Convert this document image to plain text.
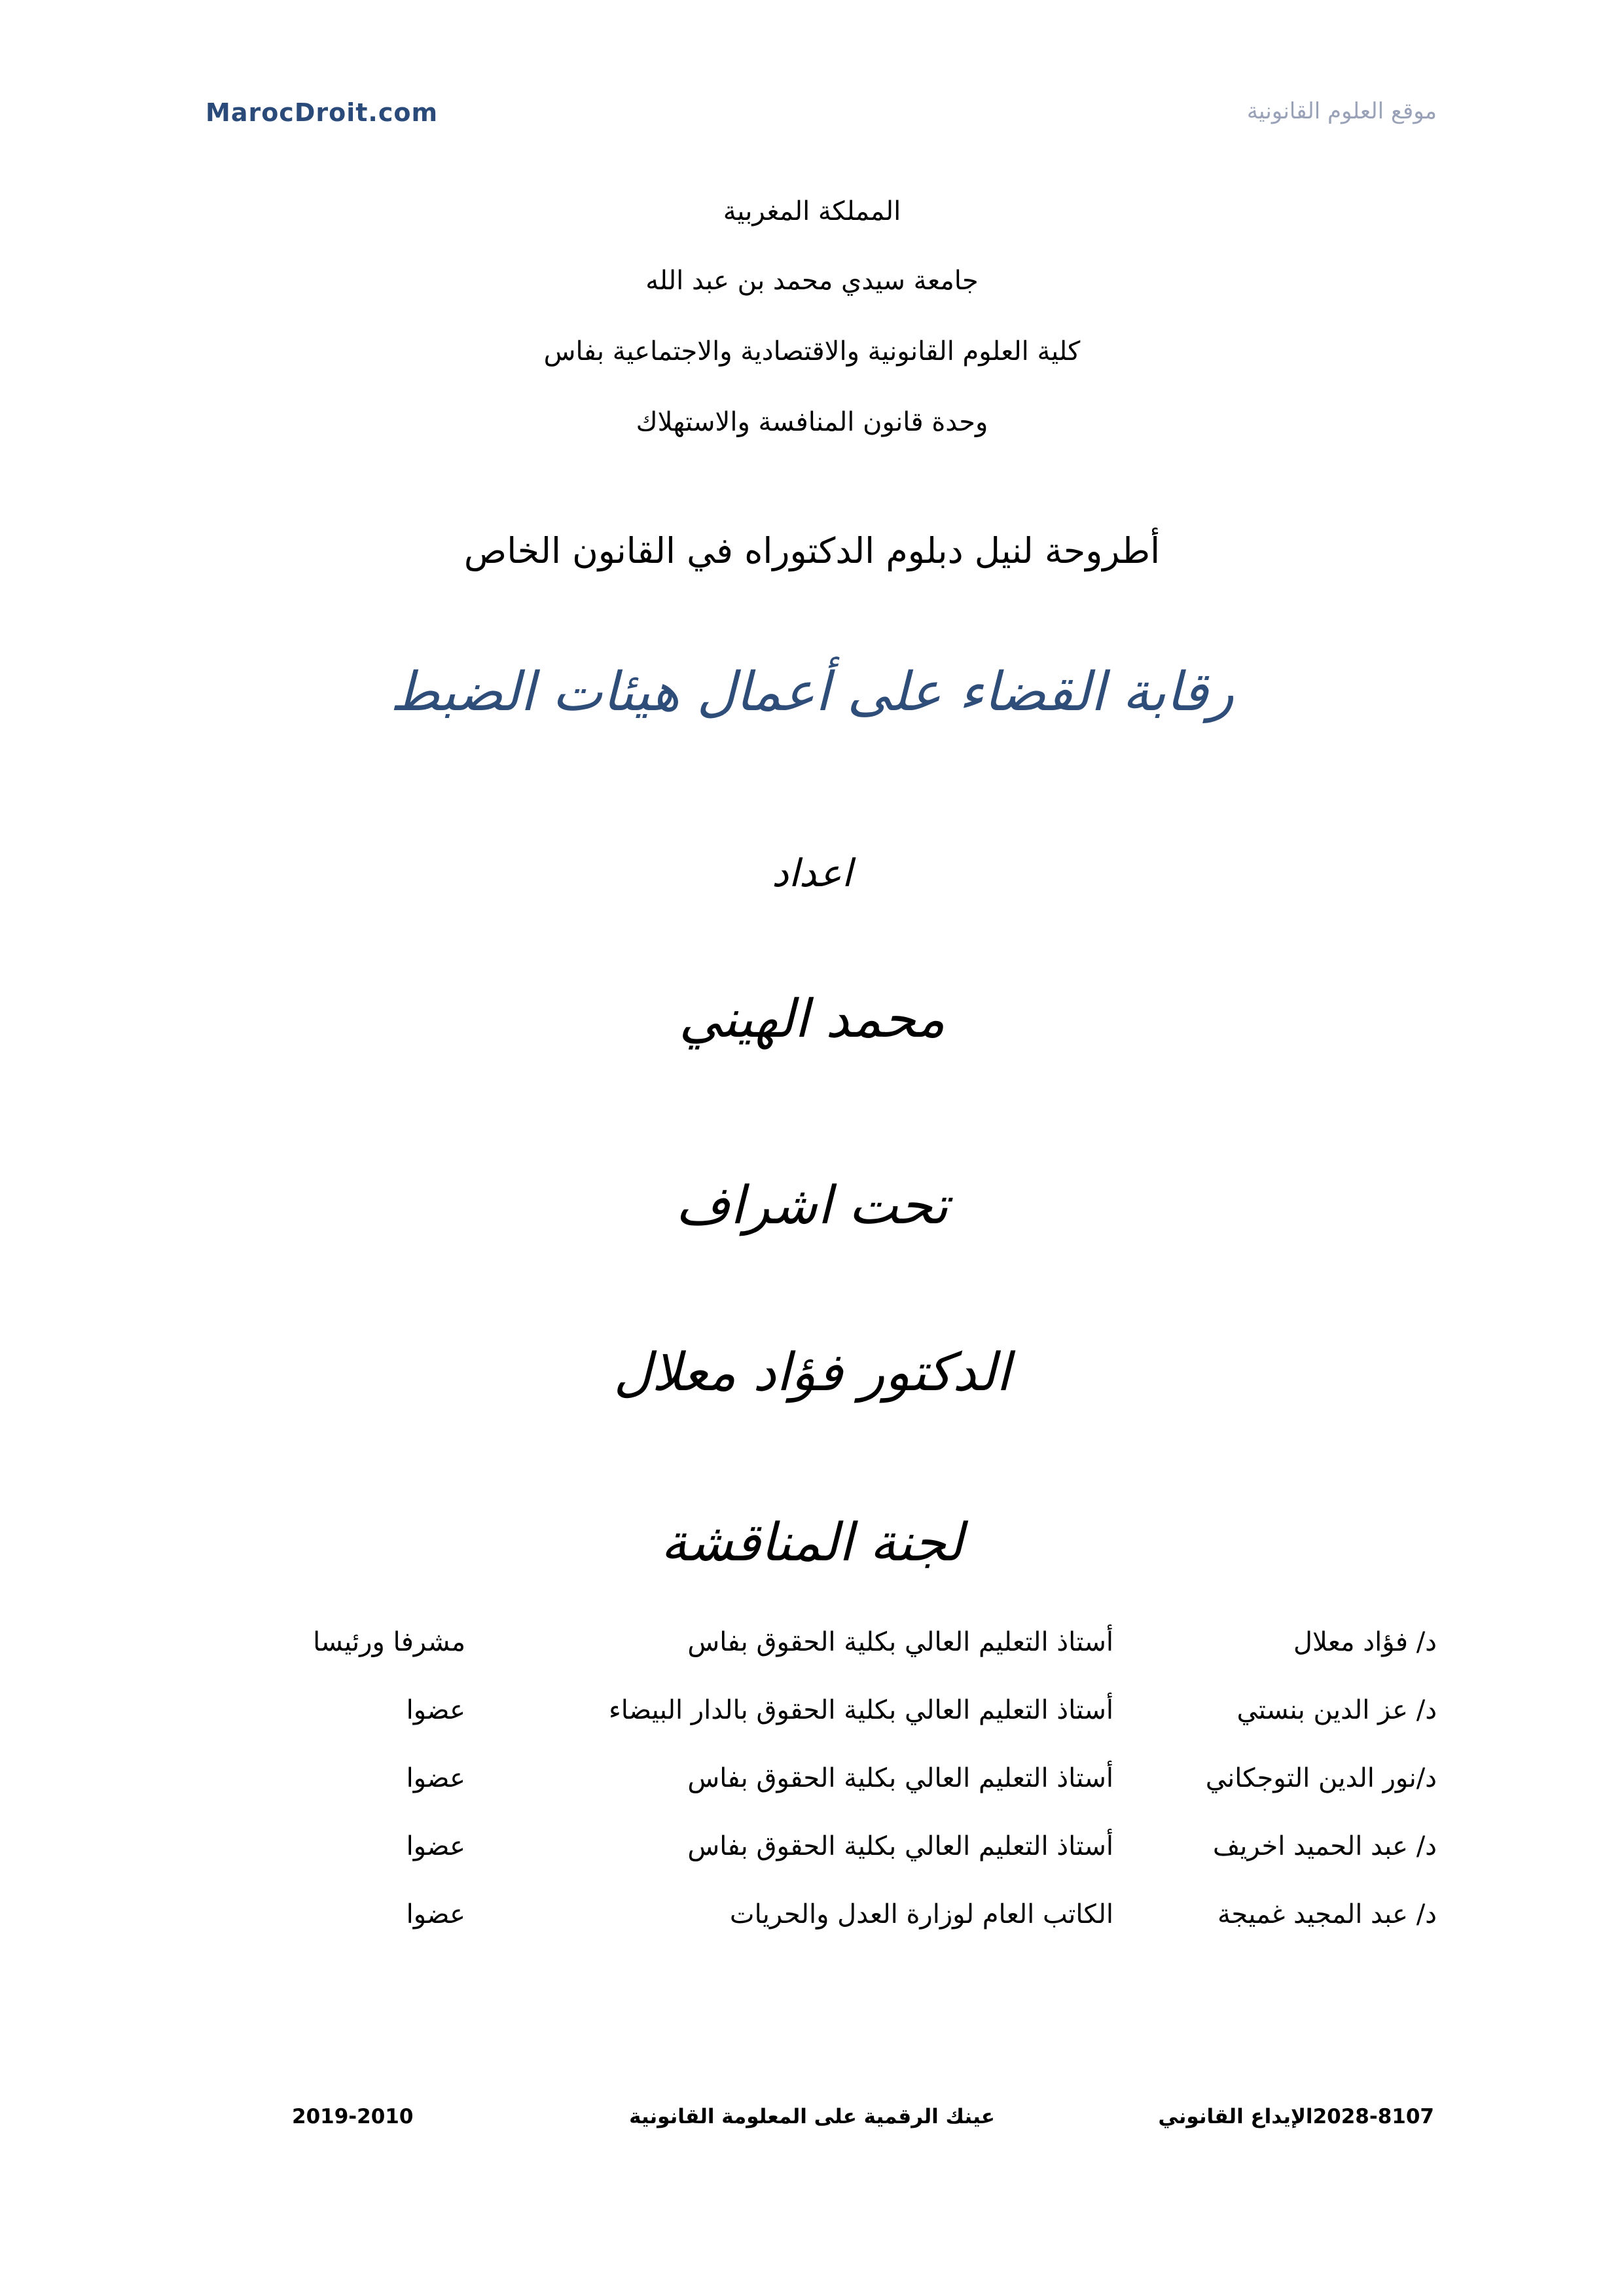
MarocDroit.com	موقع العلوم القانونية
المملكة المغربية
جامعة سيدي محمد بن عبد الله
كلية العلوم القانونية والاقتصادية والاجتماعية بفاس
وحدة قانون المنافسة والاستهلاك
أطروحة لنيل دبلوم الدكتوراه في القانون الخاص
رقابة القضاء على أعمال هيئات الضبط
اعداد
محمد الهيني
تحت اشراف
الدكتور فؤاد معلال
لجنة المناقشة
د/ فؤاد معلال
أستاذ التعليم العالي بكلية الحقوق بفاس
مشرفا ورئيسا
د/ عز الدين بنستي
أستاذ التعليم العالي بكلية الحقوق بالدار البيضاء
عضوا
د/نور الدين التوجكاني
أستاذ التعليم العالي بكلية الحقوق بفاس
عضوا
د/ عبد الحميد اخريف
أستاذ التعليم العالي بكلية الحقوق بفاس
عضوا
د/ عبد المجيد غميجة
الكاتب العام لوزارة العدل والحريات
عضوا
2028-8107الإيداع القانوني
عينك الرقمية على المعلومة القانونية
2019-2010
